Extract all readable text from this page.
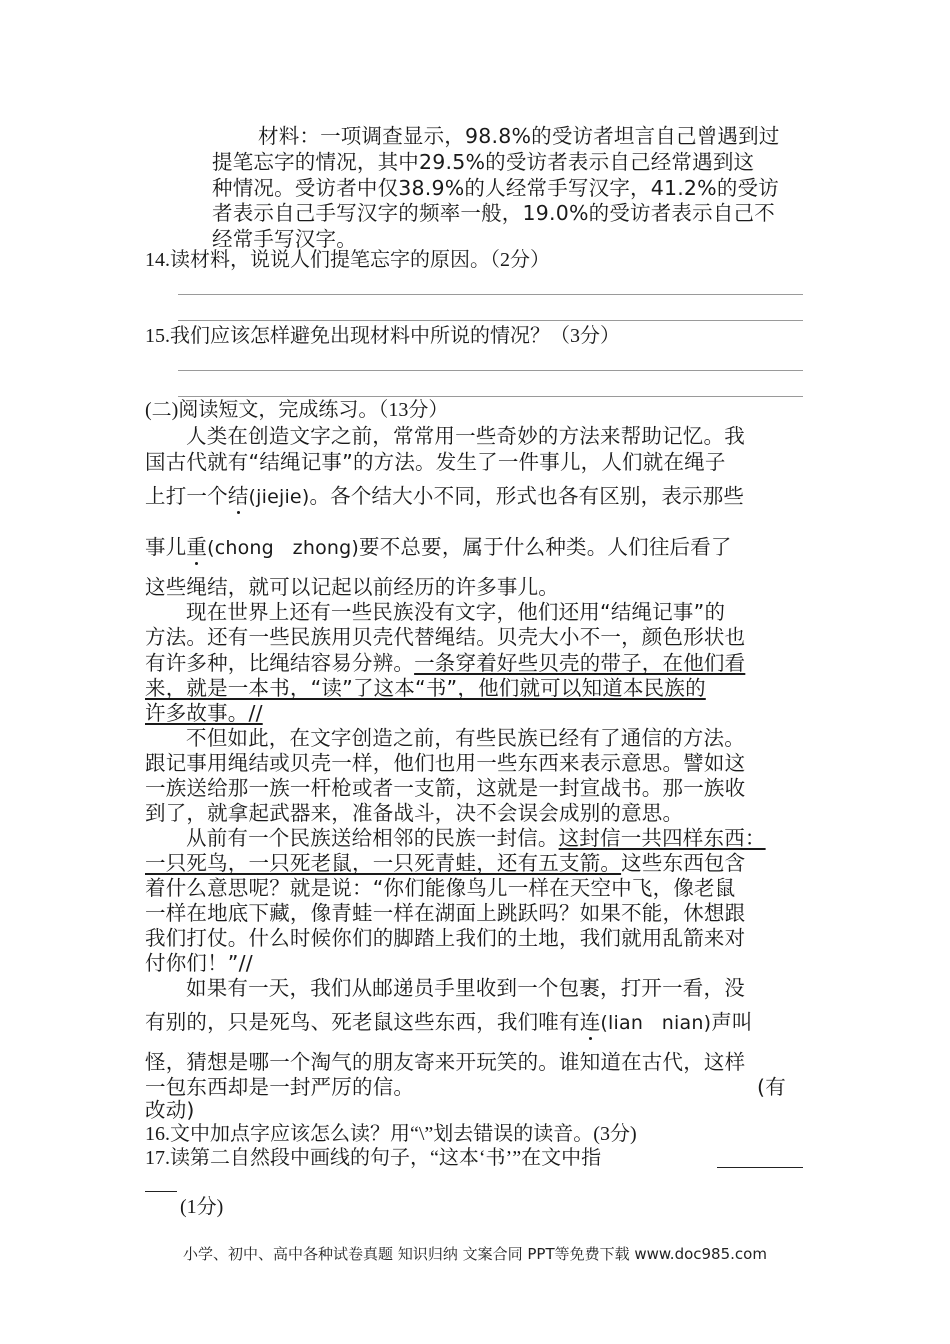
材料：一项调查显示，98.8%的受访者坦言自己曾遇到过
提笔忘字的情况，其中29.5%的受访者表示自己经常遇到这
种情况。受访者中仅38.9%的人经常手写汉字，41.2%的受访
者表示自己手写汉字的频率一般，19.0%的受访者表示自己不
经常手写汉字。
14.读材料，说说人们提笔忘字的原因。（2分）
15.我们应该怎样避免出现材料中所说的情况？（3分）
(二)阅读短文，完成练习。（13分）
人类在创造文字之前，常常用一些奇妙的方法来帮助记忆。我
国古代就有“结绳记事”的方法。发生了一件事儿，人们就在绳子
上打一个结(jiejie)。各个结大小不同，形式也各有区别，表示那些
事儿重(chong   zhong)要不总要，属于什么种类。人们往后看了
这些绳结，就可以记起以前经历的许多事儿。
现在世界上还有一些民族没有文字，他们还用“结绳记事”的
方法。还有一些民族用贝壳代替绳结。贝壳大小不一，颜色形状也
有许多种，比绳结容易分辨。一条穿着好些贝壳的带子，在他们看
来，就是一本书，“读”了这本“书”，他们就可以知道本民族的
许多故事。//
不但如此，在文字创造之前，有些民族已经有了通信的方法。
跟记事用绳结或贝壳一样，他们也用一些东西来表示意思。譬如这
一族送给那一族一杆枪或者一支箭，这就是一封宣战书。那一族收
到了，就拿起武器来，准备战斗，决不会误会成别的意思。
从前有一个民族送给相邻的民族一封信。这封信一共四样东西：
一只死鸟，一只死老鼠，一只死青蛙，还有五支箭。这些东西包含
着什么意思呢？就是说：“你们能像鸟儿一样在天空中飞，像老鼠
一样在地底下藏，像青蛙一样在湖面上跳跃吗？如果不能，休想跟
我们打仗。什么时候你们的脚踏上我们的土地，我们就用乱箭来对
付你们！”//
如果有一天，我们从邮递员手里收到一个包裹，打开一看，没
有别的，只是死鸟、死老鼠这些东西，我们唯有连(lian   nian)声叫
怪，猜想是哪一个淘气的朋友寄来开玩笑的。谁知道在古代，这样
一包东西却是一封严厉的信。	(有
改动)
16.文中加点字应该怎么读？用“\”划去错误的读音。(3分)
17.读第二自然段中画线的句子，“这本‘书’”在文中指
(1分)
小学、初中、高中各种试卷真题 知识归纳 文案合同 PPT等免费下载 www.doc985.com
